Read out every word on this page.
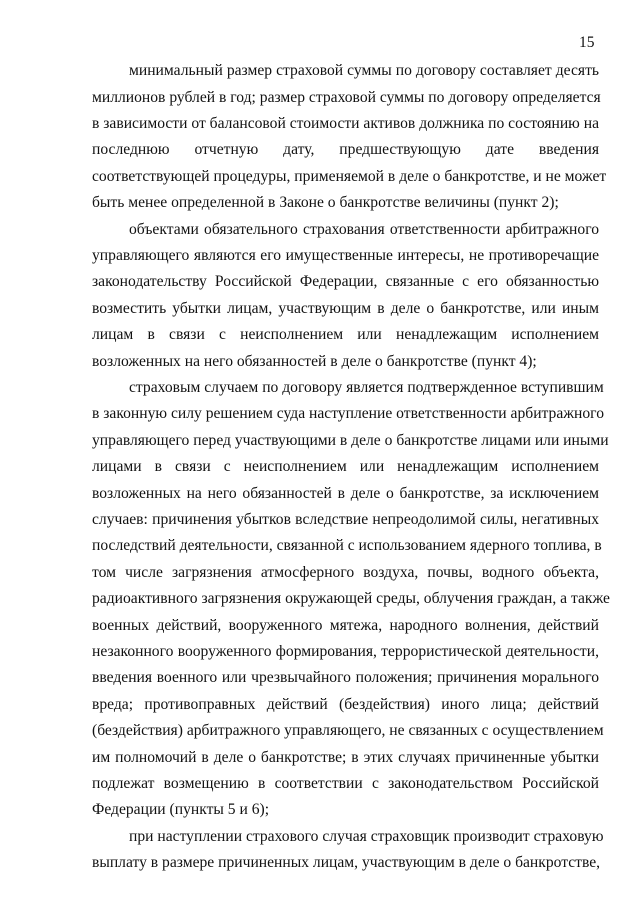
15
минимальный размер страховой суммы по договору составляет десять
миллионов рублей в год; размер страховой суммы по договору определяется
в зависимости от балансовой стоимости активов должника по состоянию на
последнюю отчетную дату, предшествующую дате введения
соответствующей процедуры, применяемой в деле о банкротстве, и не может
быть менее определенной в Законе о банкротстве величины (пункт 2);
объектами обязательного страхования ответственности арбитражного
управляющего являются его имущественные интересы, не противоречащие
законодательству Российской Федерации, связанные с его обязанностью
возместить убытки лицам, участвующим в деле о банкротстве, или иным
лицам в связи с неисполнением или ненадлежащим исполнением
возложенных на него обязанностей в деле о банкротстве (пункт 4);
страховым случаем по договору является подтвержденное вступившим
в законную силу решением суда наступление ответственности арбитражного
управляющего перед участвующими в деле о банкротстве лицами или иными
лицами в связи с неисполнением или ненадлежащим исполнением
возложенных на него обязанностей в деле о банкротстве, за исключением
случаев: причинения убытков вследствие непреодолимой силы, негативных
последствий деятельности, связанной с использованием ядерного топлива, в
том числе загрязнения атмосферного воздуха, почвы, водного объекта,
радиоактивного загрязнения окружающей среды, облучения граждан, а также
военных действий, вооруженного мятежа, народного волнения, действий
незаконного вооруженного формирования, террористической деятельности,
введения военного или чрезвычайного положения; причинения морального
вреда; противоправных действий (бездействия) иного лица; действий
(бездействия) арбитражного управляющего, не связанных с осуществлением
им полномочий в деле о банкротстве; в этих случаях причиненные убытки
подлежат возмещению в соответствии с законодательством Российской
Федерации (пункты 5 и 6);
при наступлении страхового случая страховщик производит страховую
выплату в размере причиненных лицам, участвующим в деле о банкротстве,
